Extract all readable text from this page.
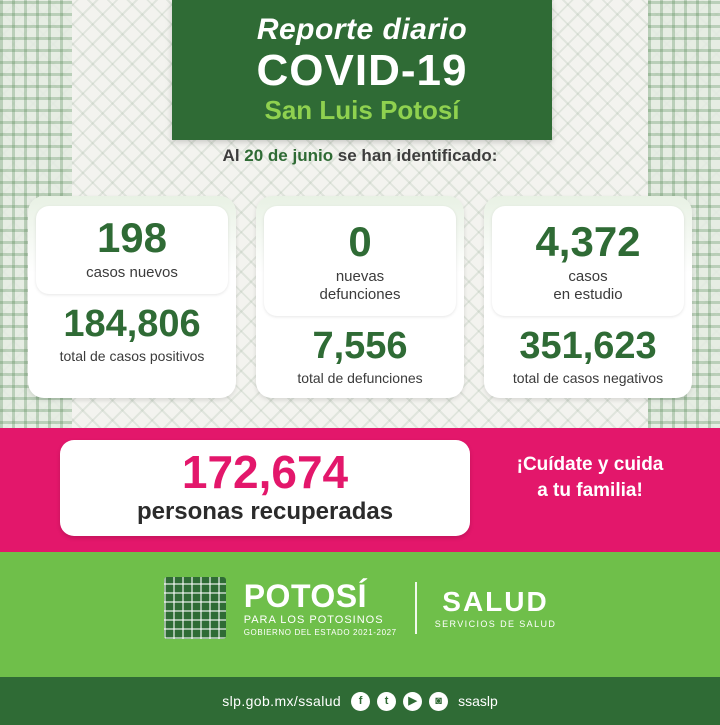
Reporte diario
COVID-19
San Luis Potosí
Al 20 de junio se han identificado:
198
casos nuevos
184,806
total de casos positivos
0
nuevas
defunciones
7,556
total de defunciones
4,372
casos
en estudio
351,623
total de casos negativos
172,674
personas recuperadas
¡Cuídate y cuida
a tu familia!
POTOSÍ
PARA LOS POTOSINOS
GOBIERNO DEL ESTADO 2021-2027
SALUD
SERVICIOS DE SALUD
slp.gob.mx/ssalud	f	t	▶	◙	ssaslp
